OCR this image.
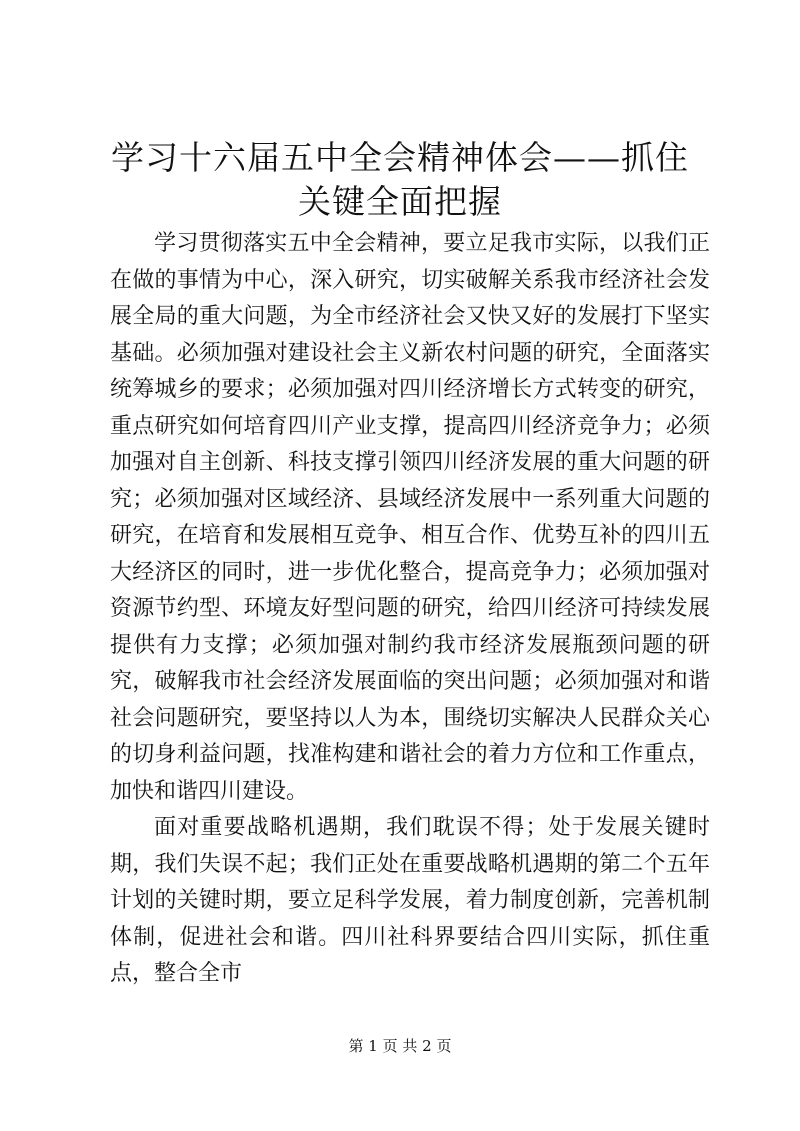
学习十六届五中全会精神体会——抓住关键全面把握

学习贯彻落实五中全会精神，要立足我市实际，以我们正在做的事情为中心，深入研究，切实破解关系我市经济社会发展全局的重大问题，为全市经济社会又快又好的发展打下坚实基础。必须加强对建设社会主义新农村问题的研究，全面落实统筹城乡的要求；必须加强对四川经济增长方式转变的研究，重点研究如何培育四川产业支撑，提高四川经济竞争力；必须加强对自主创新、科技支撑引领四川经济发展的重大问题的研究；必须加强对区域经济、县域经济发展中一系列重大问题的研究，在培育和发展相互竞争、相互合作、优势互补的四川五大经济区的同时，进一步优化整合，提高竞争力；必须加强对资源节约型、环境友好型问题的研究，给四川经济可持续发展提供有力支撑；必须加强对制约我市经济发展瓶颈问题的研究，破解我市社会经济发展面临的突出问题；必须加强对和谐社会问题研究，要坚持以人为本，围绕切实解决人民群众关心的切身利益问题，找准构建和谐社会的着力方位和工作重点，加快和谐四川建设。

面对重要战略机遇期，我们耽误不得；处于发展关键时期，我们失误不起；我们正处在重要战略机遇期的第二个五年计划的关键时期，要立足科学发展，着力制度创新，完善机制体制，促进社会和谐。四川社科界要结合四川实际，抓住重点，整合全市

第 1 页 共 2 页
